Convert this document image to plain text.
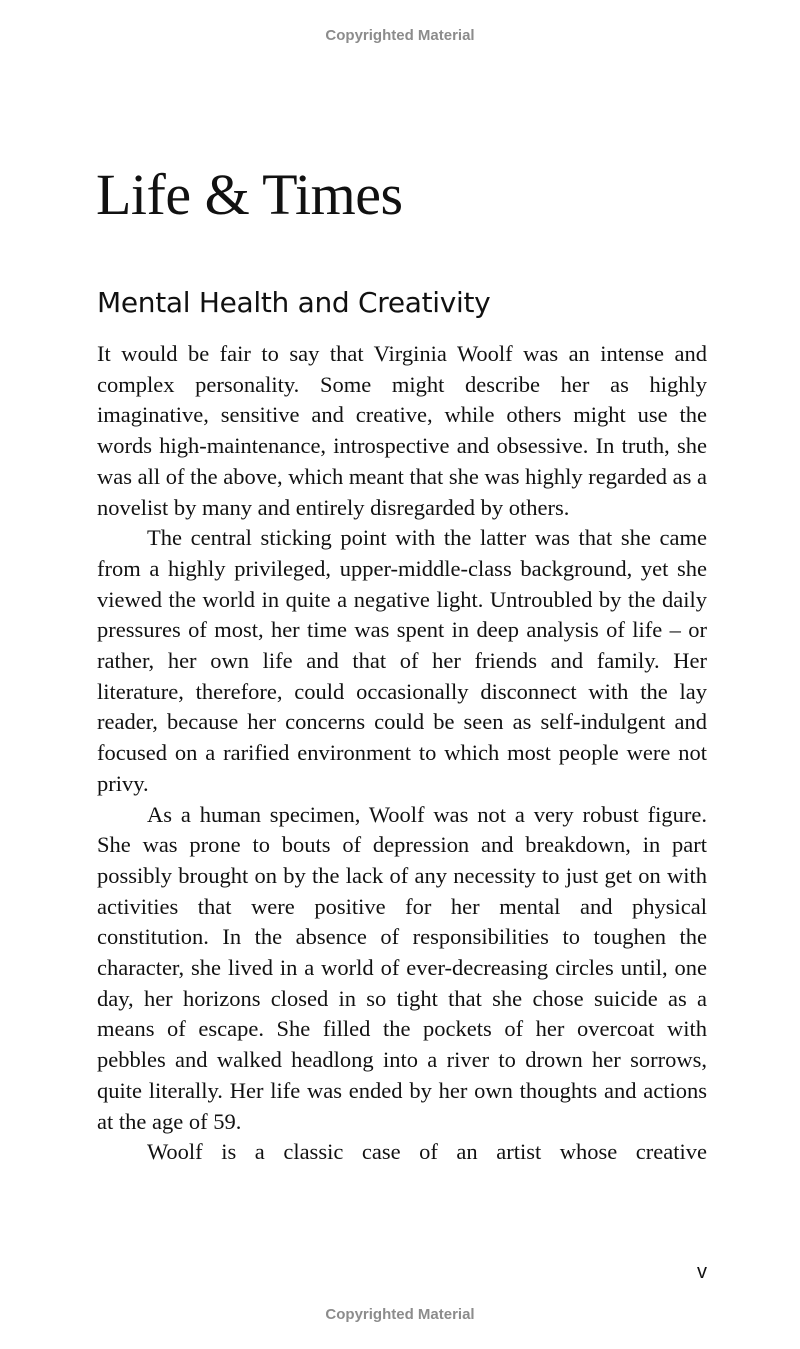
Copyrighted Material
Life & Times
Mental Health and Creativity

It would be fair to say that Virginia Woolf was an intense and complex personality. Some might describe her as highly imaginative, sensitive and creative, while others might use the words high-maintenance, introspective and obsessive. In truth, she was all of the above, which meant that she was highly regarded as a novelist by many and entirely disregarded by others.

The central sticking point with the latter was that she came from a highly privileged, upper-middle-class background, yet she viewed the world in quite a negative light. Untroubled by the daily pressures of most, her time was spent in deep analysis of life – or rather, her own life and that of her friends and family. Her literature, therefore, could occasionally disconnect with the lay reader, because her concerns could be seen as self-indulgent and focused on a rarified environment to which most people were not privy.

As a human specimen, Woolf was not a very robust figure. She was prone to bouts of depression and breakdown, in part possibly brought on by the lack of any necessity to just get on with activities that were positive for her mental and physical constitution. In the absence of responsibilities to toughen the character, she lived in a world of ever-decreasing circles until, one day, her horizons closed in so tight that she chose suicide as a means of escape. She filled the pockets of her overcoat with pebbles and walked headlong into a river to drown her sorrows, quite literally. Her life was ended by her own thoughts and actions at the age of 59.

Woolf is a classic case of an artist whose creative

v
Copyrighted Material
